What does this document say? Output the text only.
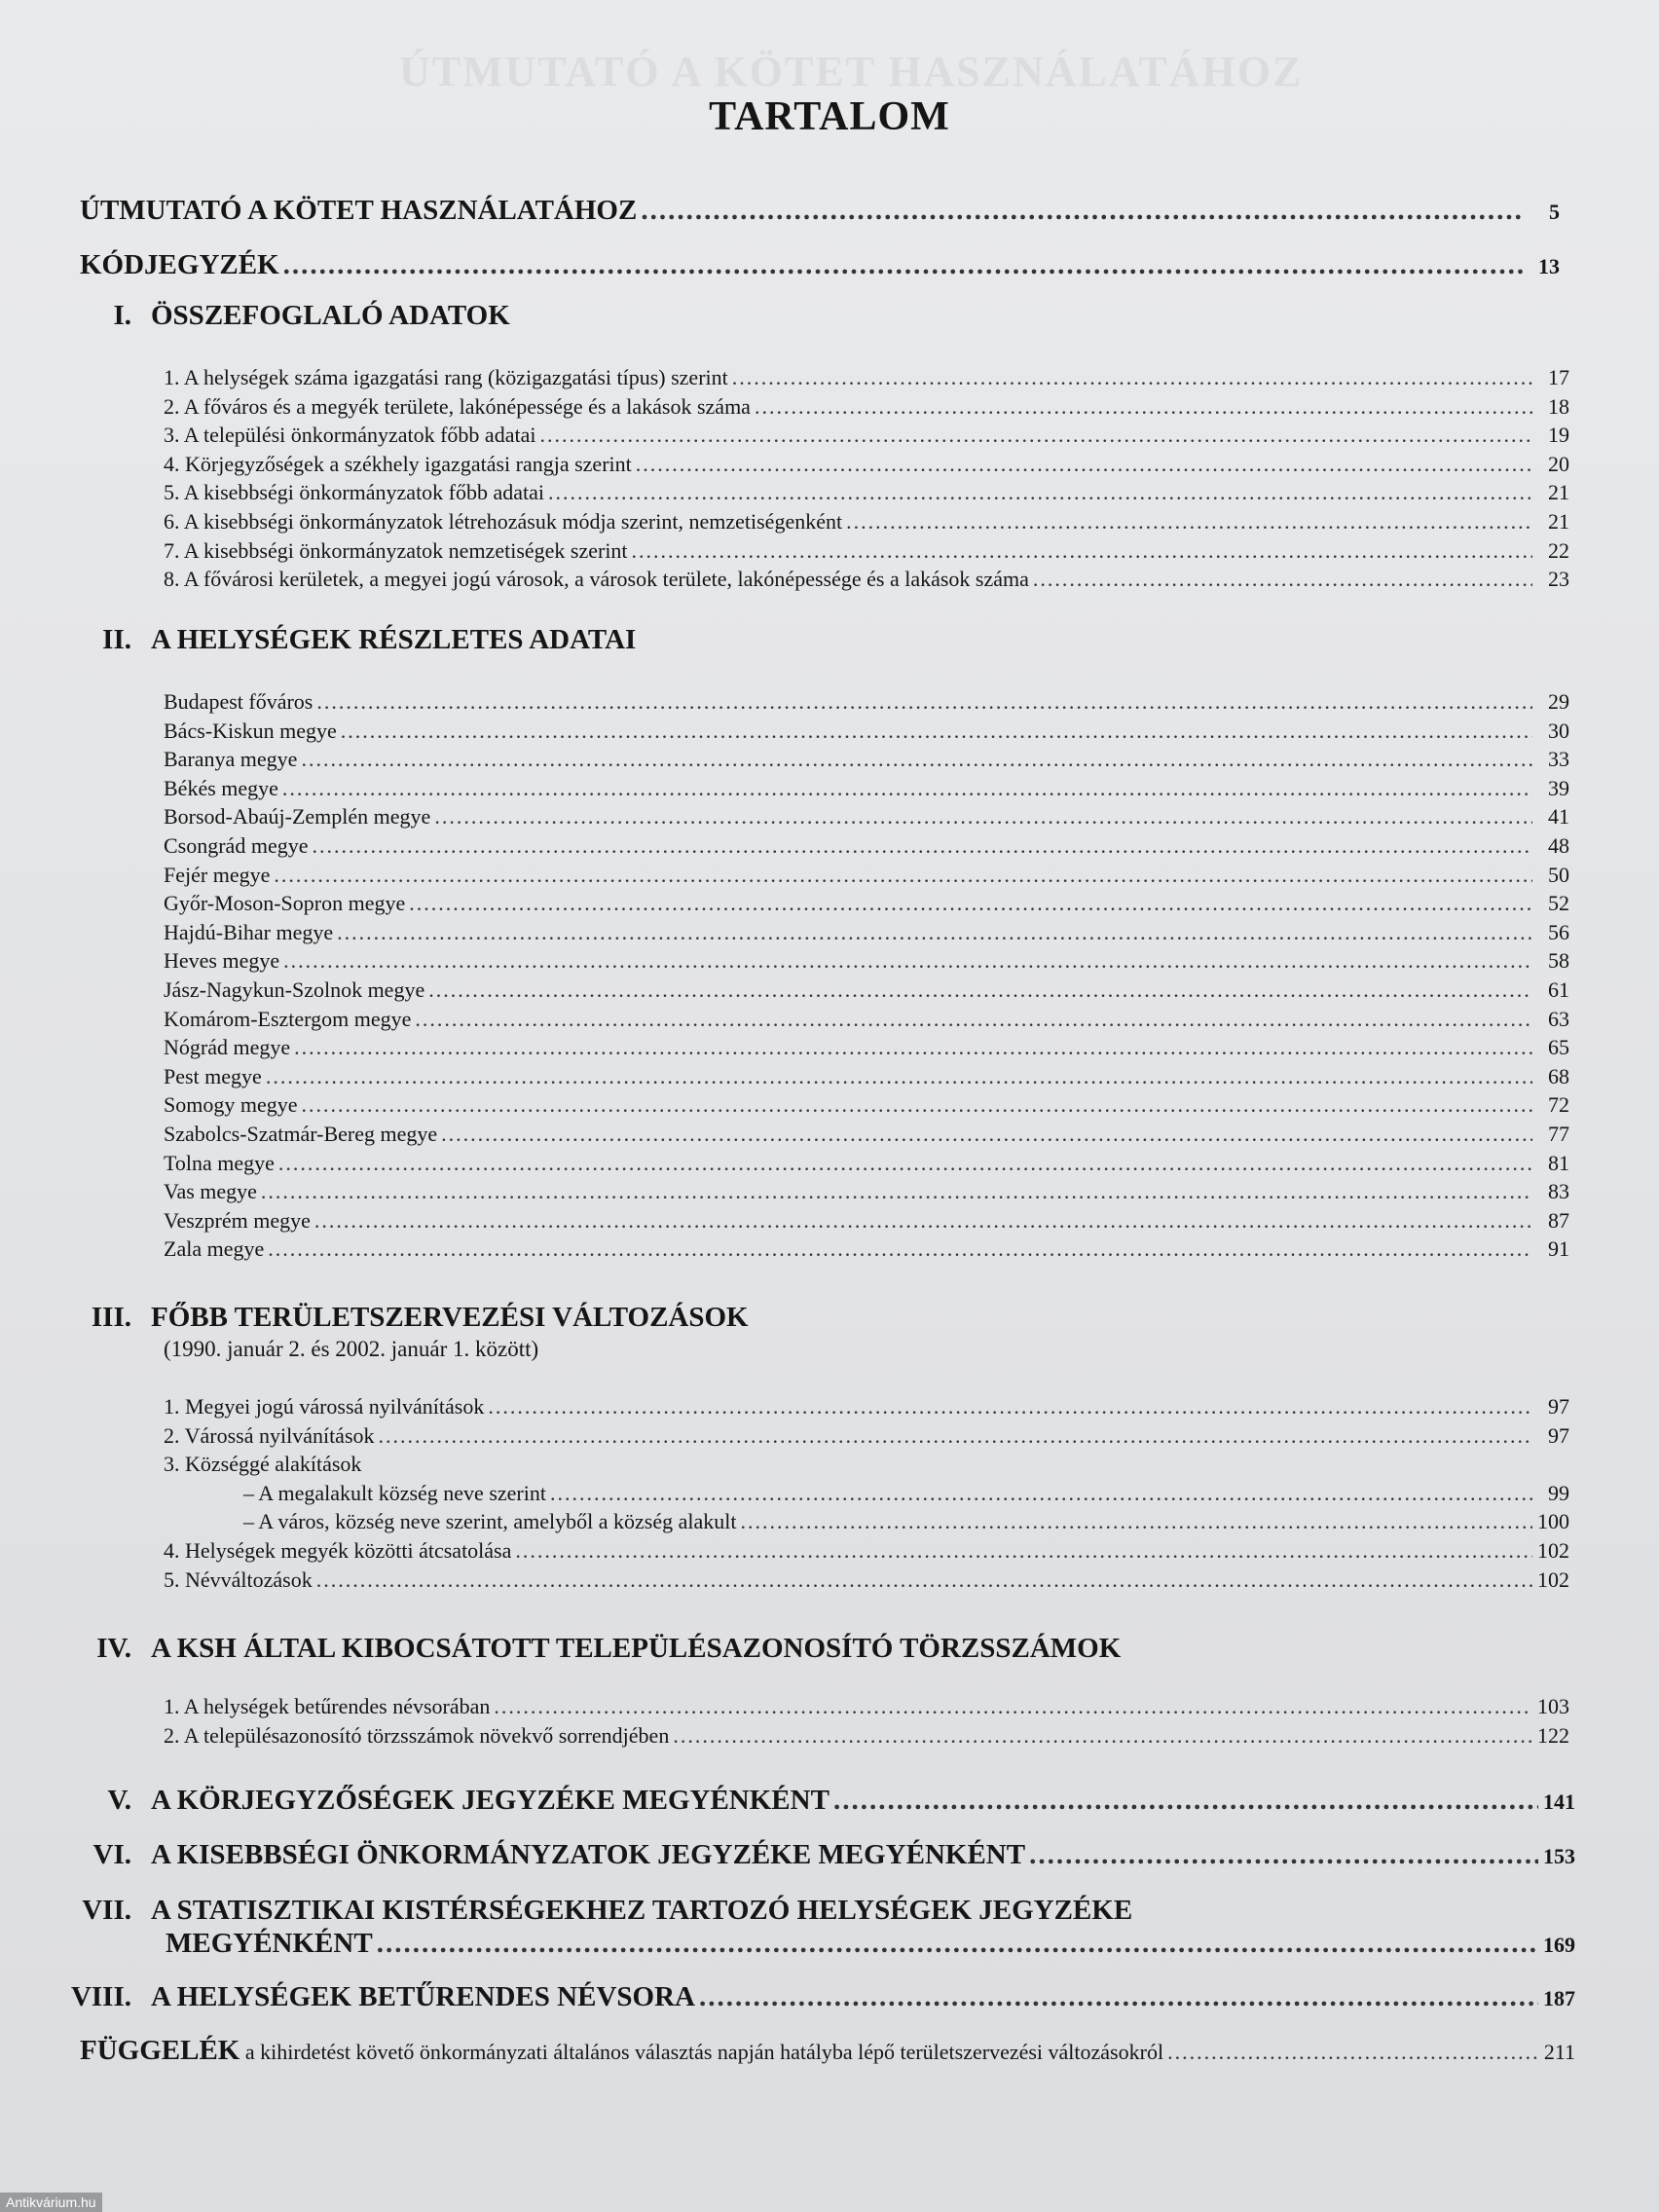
ÚTMUTATÓ A KÖTET HASZNÁLATÁHOZ
TARTALOM
ÚTMUTATÓ A KÖTET HASZNÁLATÁHOZ .....	5
KÓDJEGYZÉK .....	13
I. ÖSSZEFOGLALÓ ADATOK
1. A helységek száma igazgatási rang (közigazgatási típus) szerint .....	17
2. A főváros és a megyék területe, lakónépessége és a lakások száma .....	18
3. A települési önkormányzatok főbb adatai .....	19
4. Körjegyzőségek a székhely igazgatási rangja szerint .....	20
5. A kisebbségi önkormányzatok főbb adatai .....	21
6. A kisebbségi önkormányzatok létrehozásuk módja szerint, nemzetiségenként .....	21
7. A kisebbségi önkormányzatok nemzetiségek szerint .....	22
8. A fővárosi kerületek, a megyei jogú városok, a városok területe, lakónépessége és a lakások száma .....	23
II. A HELYSÉGEK RÉSZLETES ADATAI
Budapest főváros .....	29
Bács-Kiskun megye .....	30
Baranya megye .....	33
Békés megye .....	39
Borsod-Abaúj-Zemplén megye .....	41
Csongrád megye .....	48
Fejér megye .....	50
Győr-Moson-Sopron megye .....	52
Hajdú-Bihar megye .....	56
Heves megye .....	58
Jász-Nagykun-Szolnok megye .....	61
Komárom-Esztergom megye .....	63
Nógrád megye .....	65
Pest megye .....	68
Somogy megye .....	72
Szabolcs-Szatmár-Bereg megye .....	77
Tolna megye .....	81
Vas megye .....	83
Veszprém megye .....	87
Zala megye .....	91
III. FŐBB TERÜLETSZERVEZÉSI VÁLTOZÁSOK
(1990. január 2. és 2002. január 1. között)
1. Megyei jogú várossá nyilvánítások .....	97
2. Várossá nyilvánítások .....	97
3. Községgé alakítások
– A megalakult község neve szerint .....	99
– A város, község neve szerint, amelyből a község alakult .....	100
4. Helységek megyék közötti átcsatolása .....	102
5. Névváltozások .....	102
IV. A KSH ÁLTAL KIBOCSÁTOTT TELEPÜLÉSAZONOSÍTÓ TÖRZSSZÁMOK
1. A helységek betűrendes névsorában .....	103
2. A településazonosító törzsszámok növekvő sorrendjében .....	122
V. A KÖRJEGYZŐSÉGEK JEGYZÉKE MEGYÉNKÉNT .....	141
VI. A KISEBBSÉGI ÖNKORMÁNYZATOK JEGYZÉKE MEGYÉNKÉNT .....	153
VII. A STATISZTIKAI KISTÉRSÉGEKHEZ TARTOZÓ HELYSÉGEK JEGYZÉKE
MEGYÉNKÉNT .....	169
VIII. A HELYSÉGEK BETŰRENDES NÉVSORA .....	187
FÜGGELÉK a kihirdetést követő önkormányzati általános választás napján hatályba lépő területszervezési változásokról .....	211
Antikvárium.hu
